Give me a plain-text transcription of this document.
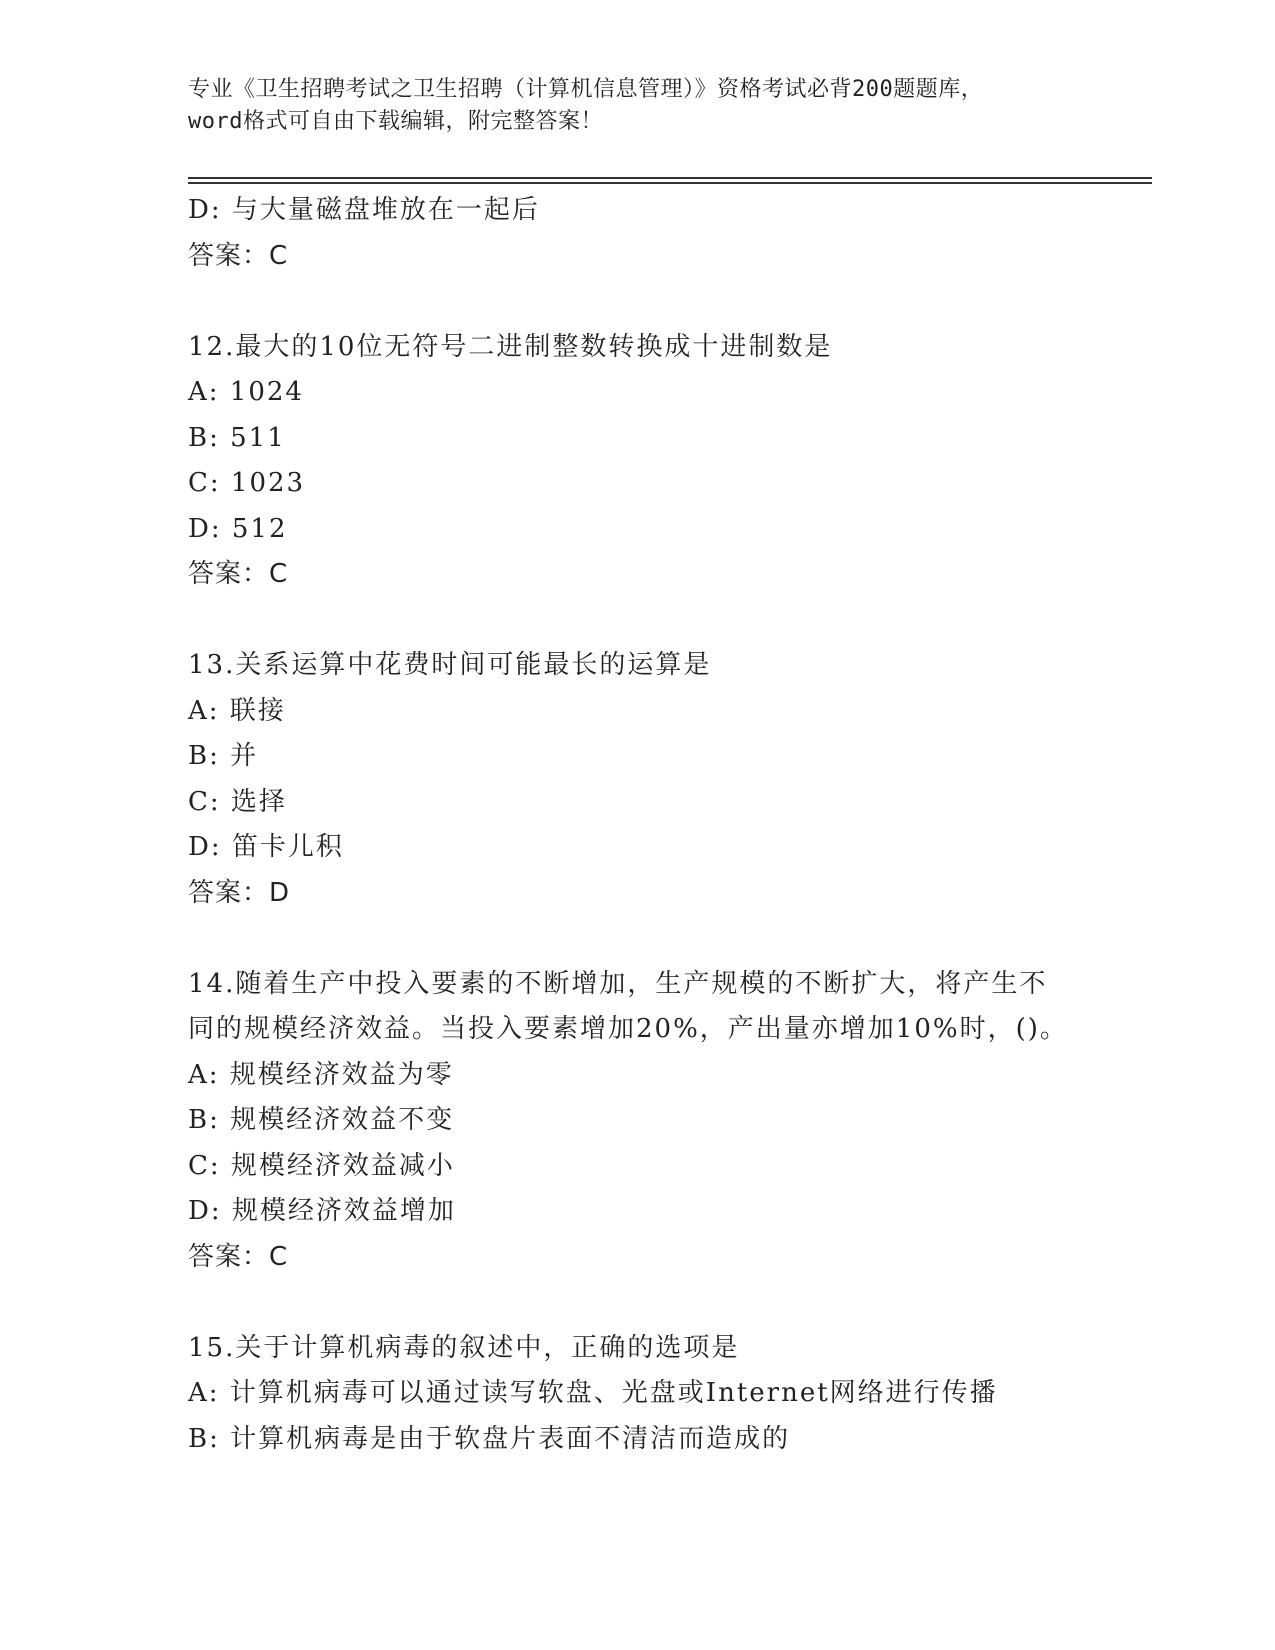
专业《卫生招聘考试之卫生招聘（计算机信息管理）》资格考试必背200题题库，
word格式可自由下载编辑，附完整答案！
D: 与大量磁盘堆放在一起后
答案：C
12.最大的10位无符号二进制整数转换成十进制数是
A: 1024
B: 511
C: 1023
D: 512
答案：C
13.关系运算中花费时间可能最长的运算是
A: 联接
B: 并
C: 选择
D: 笛卡儿积
答案：D
14.随着生产中投入要素的不断增加，生产规模的不断扩大，将产生不
同的规模经济效益。当投入要素增加20%，产出量亦增加10%时，()。
A: 规模经济效益为零
B: 规模经济效益不变
C: 规模经济效益减小
D: 规模经济效益增加
答案：C
15.关于计算机病毒的叙述中，正确的选项是
A: 计算机病毒可以通过读写软盘、光盘或Internet网络进行传播
B: 计算机病毒是由于软盘片表面不清洁而造成的
